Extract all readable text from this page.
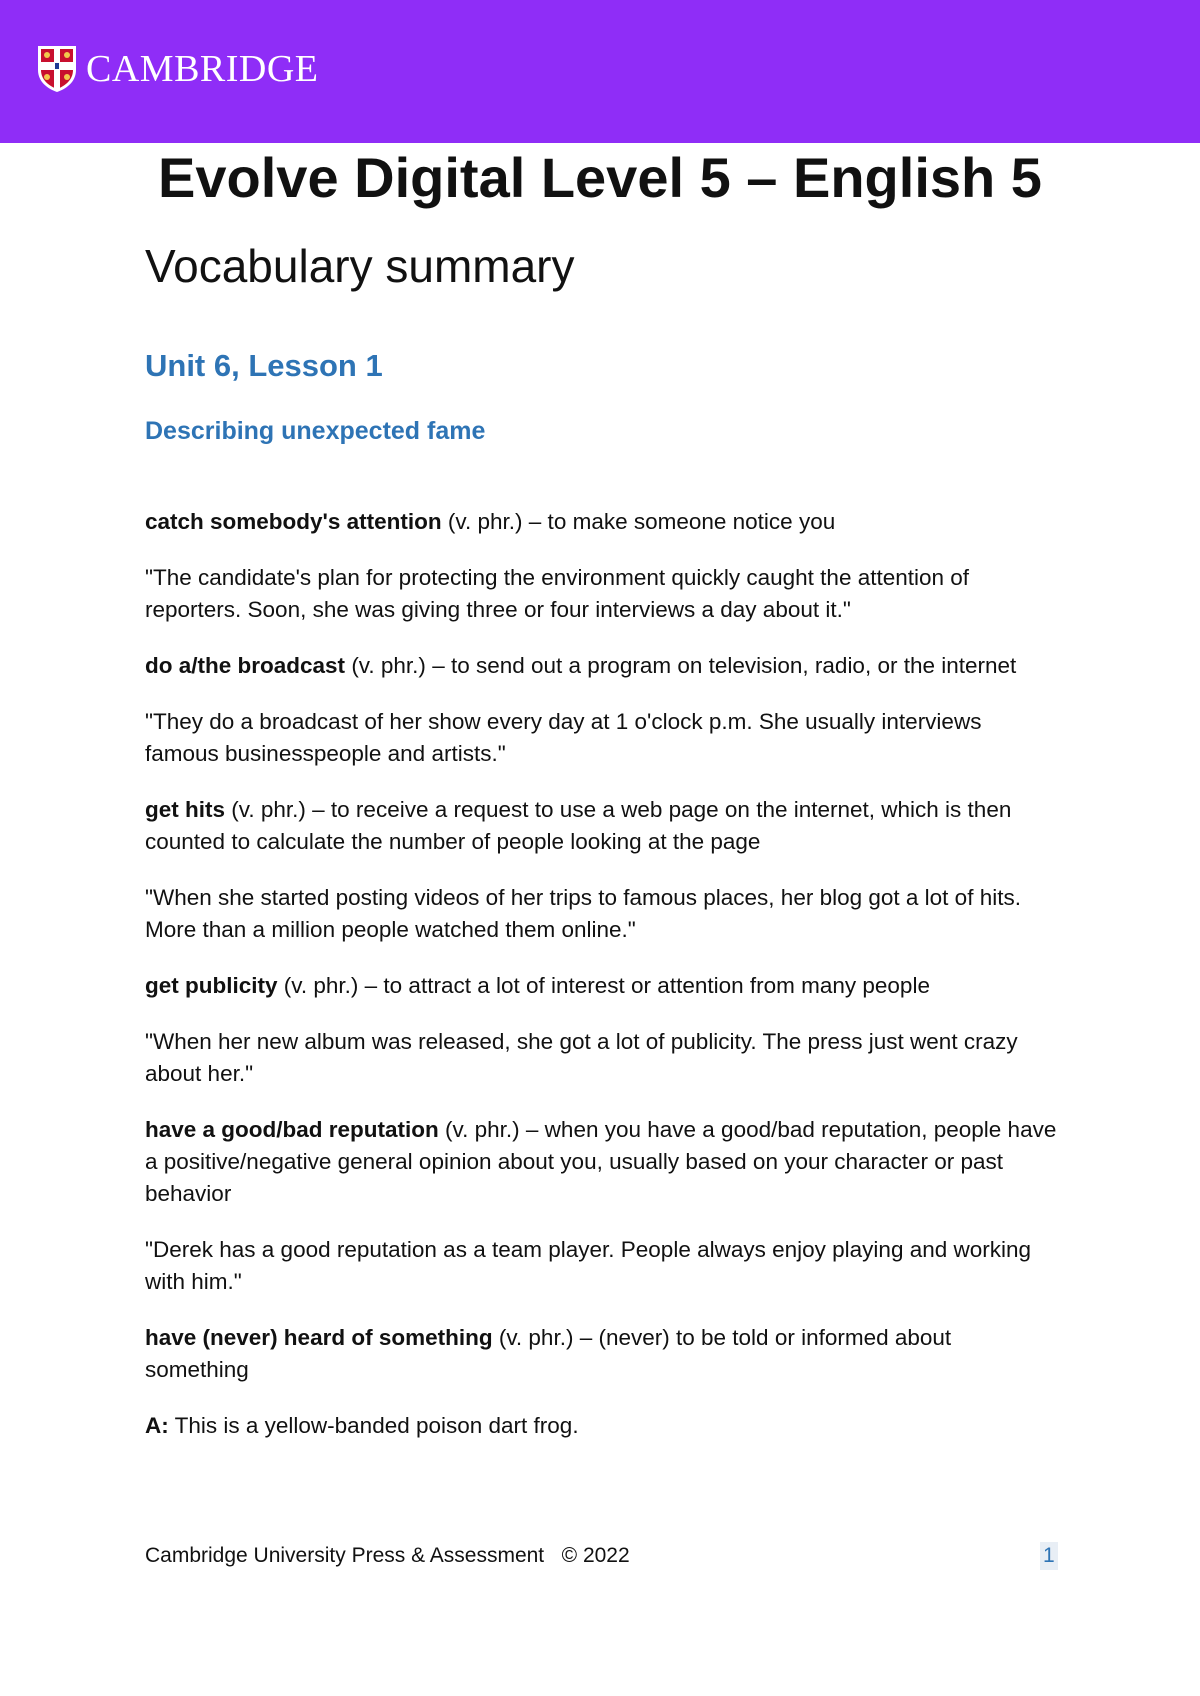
CAMBRIDGE
Evolve Digital Level 5 – English 5
Vocabulary summary
Unit 6, Lesson 1
Describing unexpected fame

catch somebody's attention (v. phr.) – to make someone notice you

"The candidate's plan for protecting the environment quickly caught the attention of reporters. Soon, she was giving three or four interviews a day about it."

do a/the broadcast (v. phr.) – to send out a program on television, radio, or the internet

"They do a broadcast of her show every day at 1 o'clock p.m. She usually interviews famous businesspeople and artists."

get hits (v. phr.) – to receive a request to use a web page on the internet, which is then counted to calculate the number of people looking at the page

"When she started posting videos of her trips to famous places, her blog got a lot of hits. More than a million people watched them online."

get publicity (v. phr.) – to attract a lot of interest or attention from many people

"When her new album was released, she got a lot of publicity. The press just went crazy about her."

have a good/bad reputation (v. phr.) – when you have a good/bad reputation, people have a positive/negative general opinion about you, usually based on your character or past behavior

"Derek has a good reputation as a team player. People always enjoy playing and working with him."

have (never) heard of something (v. phr.) – (never) to be told or informed about something

A: This is a yellow-banded poison dart frog.

Cambridge University Press & Assessment   © 2022	1
